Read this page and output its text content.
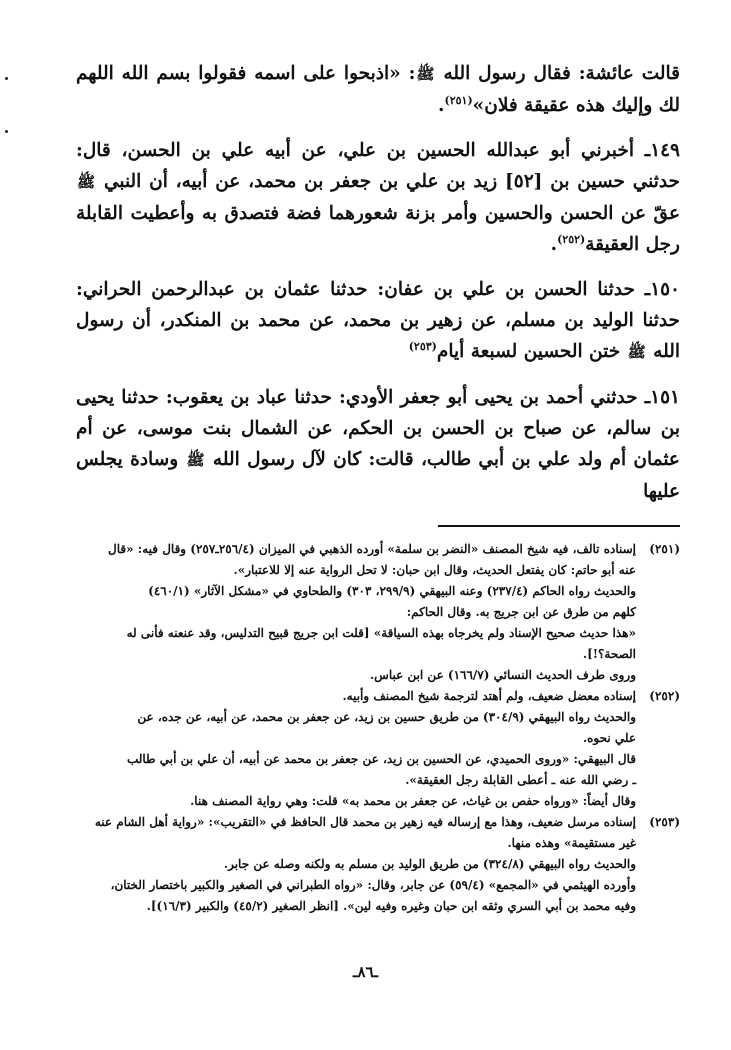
قالت عائشة: فقال رسول الله ﷺ: «اذبحوا على اسمه فقولوا بسم الله اللهم لك وإليك هذه عقيقة فلان»$^{(٢٥١)}$.

١٤٩ـ أخبرني أبو عبدالله الحسين بن علي، عن أبيه علي بن الحسن، قال: حدثني حسين بن [٥٢] زيد بن علي بن جعفر بن محمد، عن أبيه، أن النبي ﷺ عقّ عن الحسن والحسين وأمر بزنة شعورهما فضة فتصدق به وأعطيت القابلة رجل العقيقة$^{(٢٥٢)}$.

١٥٠ـ حدثنا الحسن بن علي بن عفان: حدثنا عثمان بن عبدالرحمن الحراني: حدثنا الوليد بن مسلم، عن زهير بن محمد، عن محمد بن المنكدر، أن رسول الله ﷺ ختن الحسين لسبعة أيام$^{(٢٥٣)}$

١٥١ـ حدثني أحمد بن يحيى أبو جعفر الأودي: حدثنا عباد بن يعقوب: حدثنا يحيى بن سالم، عن صباح بن الحسن بن الحكم، عن الشمال بنت موسى، عن أم عثمان أم ولد علي بن أبي طالب، قالت: كان لآل رسول الله ﷺ وسادة يجلس عليها

(٢٥١)
إسناده تالف، فيه شيخ المصنف «النضر بن سلمة» أورده الذهبي في الميزان (٢٥٦/٤ـ٢٥٧) وقال فيه: «قال
عنه أبو حاتم: كان يفتعل الحديث، وقال ابن حبان: لا تحل الرواية عنه إلا للاعتبار».
والحديث رواه الحاكم (٢٣٧/٤) وعنه البيهقي (٢٩٩/٩، ٣٠٣) والطحاوي في «مشكل الآثار» (٤٦٠/١)
كلهم من طرق عن ابن جريج به. وقال الحاكم:
«هذا حديث صحيح الإسناد ولم يخرجاه بهذه السياقة» [قلت ابن جريج قبيح التدليس، وقد عنعنه فأنى له
الصحة؟!].
وروى طرف الحديث النسائي (١٦٦/٧) عن ابن عباس.
(٢٥٢)
إسناده معضل ضعيف، ولم أهتد لترجمة شيخ المصنف وأبيه.
والحديث رواه البيهقي (٣٠٤/٩) من طريق حسين بن زيد، عن جعفر بن محمد، عن أبيه، عن جده، عن
علي نحوه.
قال البيهقي: «وروى الحميدي، عن الحسين بن زيد، عن جعفر بن محمد عن أبيه، أن علي بن أبي طالب
ـ رضي الله عنه ـ أعطى القابلة رجل العقيقة».
وقال أيضاً: «ورواه حفص بن غياث، عن جعفر بن محمد به» قلت: وهي رواية المصنف هنا.
(٢٥٣)
إسناده مرسل ضعيف، وهذا مع إرساله فيه زهير بن محمد قال الحافظ في «التقريب»: «رواية أهل الشام عنه
غير مستقيمة» وهذه منها.
والحديث رواه البيهقي (٣٢٤/٨) من طريق الوليد بن مسلم به ولكنه وصله عن جابر.
وأورده الهيثمي في «المجمع» (٥٩/٤) عن جابر، وقال: «رواه الطبراني في الصغير والكبير باختصار الختان،
وفيه محمد بن أبي السري وثقه ابن حبان وغيره وفيه لين». [انظر الصغير (٤٥/٢) والكبير (١٦/٣)].
ـ٨٦ـ
